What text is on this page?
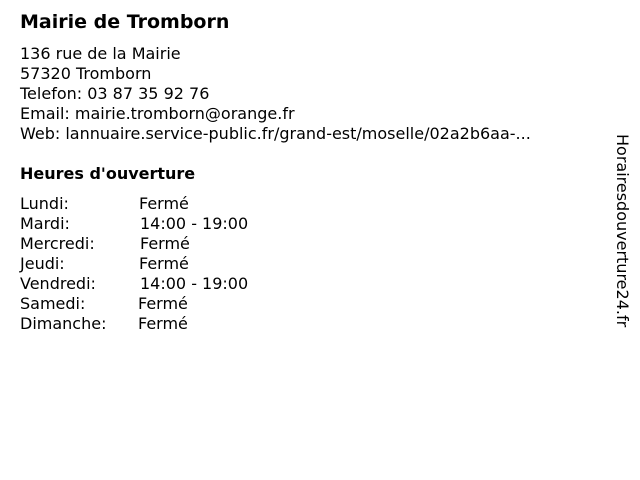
Mairie de Tromborn
136 rue de la Mairie
57320 Tromborn
Telefon: 03 87 35 92 76
Email: mairie.tromborn@orange.fr
Web: lannuaire.service-public.fr/grand-est/moselle/02a2b6aa-...
Heures d'ouverture
Lundi:	Fermé
Mardi:	14:00 - 19:00
Mercredi:	Fermé
Jeudi:	Fermé
Vendredi:	14:00 - 19:00
Samedi:	Fermé
Dimanche: Fermé	Horairesdouverture24.fr
